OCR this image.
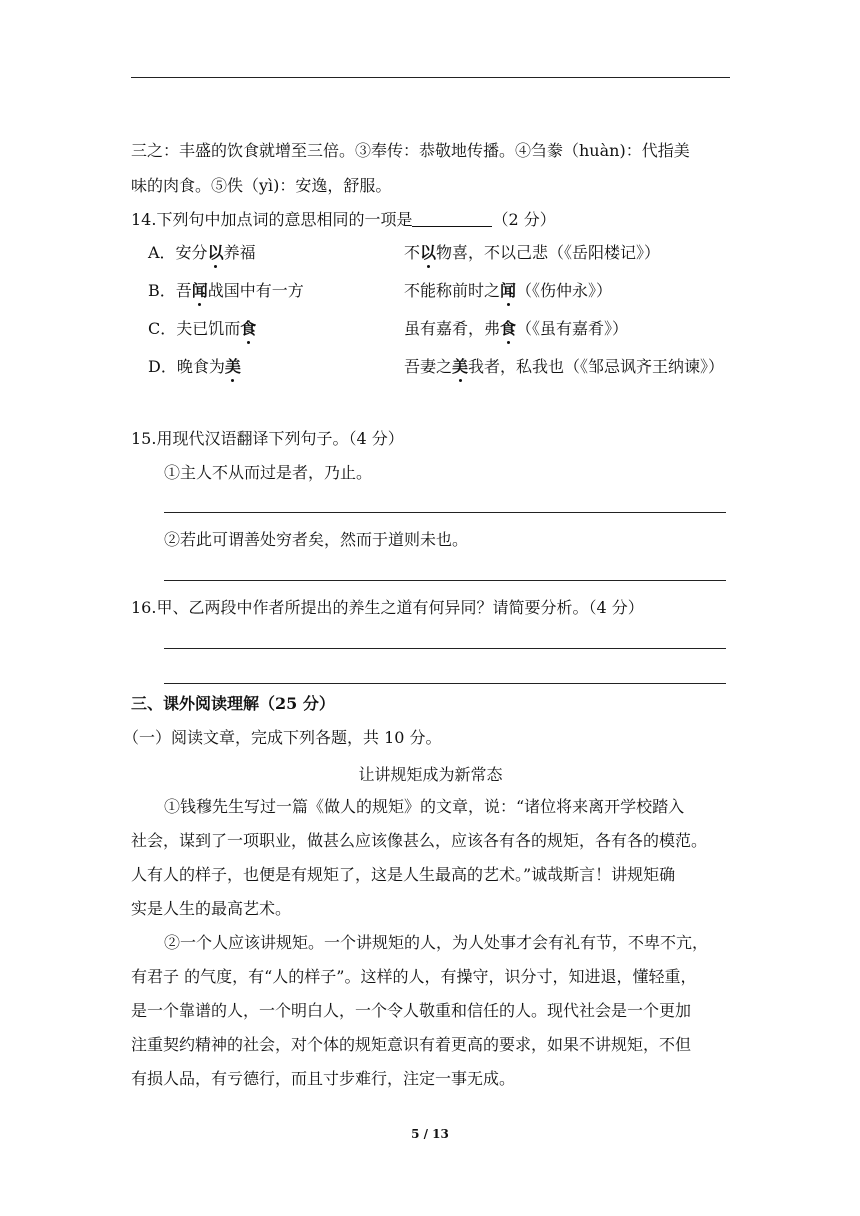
三之：丰盛的饮食就增至三倍。③奉传：恭敬地传播。④刍豢（huàn)：代指美
味的肉食。⑤佚（yì)：安逸，舒服。
14.下列句中加点词的意思相同的一项是	（2 分）
A．安分以养福	不以物喜，不以己悲（《岳阳楼记》）
B．吾闻战国中有一方	不能称前时之闻（《伤仲永》）
C．夫已饥而食	虽有嘉肴，弗食（《虽有嘉肴》）
D．晚食为美	吾妻之美我者，私我也（《邹忌讽齐王纳谏》）
15.用现代汉语翻译下列句子。（4 分）
①主人不从而过是者，乃止。
②若此可谓善处穷者矣，然而于道则未也。
16.甲、乙两段中作者所提出的养生之道有何异同？请简要分析。（4 分）
三、课外阅读理解（25 分）
（一）阅读文章，完成下列各题，共 10 分。
让讲规矩成为新常态
①钱穆先生写过一篇《做人的规矩》的文章，说：“诸位将来离开学校踏入
社会，谋到了一项职业，做甚么应该像甚么，应该各有各的规矩，各有各的模范。
人有人的样子，也便是有规矩了，这是人生最高的艺术。”诚哉斯言！讲规矩确
实是人生的最高艺术。
②一个人应该讲规矩。一个讲规矩的人，为人处事才会有礼有节，不卑不亢，
有君子 的气度，有“人的样子”。这样的人，有操守，识分寸，知进退，懂轻重，
是一个靠谱的人，一个明白人，一个令人敬重和信任的人。现代社会是一个更加
注重契约精神的社会，对个体的规矩意识有着更高的要求，如果不讲规矩，不但
有损人品，有亏德行，而且寸步难行，注定一事无成。
5 / 13
